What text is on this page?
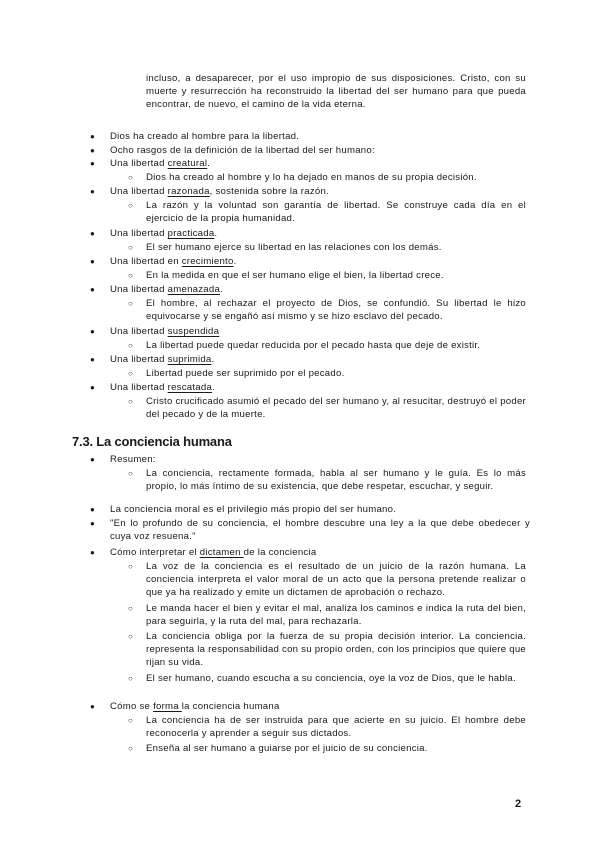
incluso, a desaparecer, por el uso impropio de sus disposiciones. Cristo, con su muerte y resurrección ha reconstruido la libertad del ser humano para que pueda encontrar, de nuevo, el camino de la vida eterna.
● Dios ha creado al hombre para la libertad.
● Ocho rasgos de la definición de la libertad del ser humano:
● Una libertad creatural.
○ Dios ha creado al hombre y lo ha dejado en manos de su propia decisión.
● Una libertad razonada, sostenida sobre la razón.
○ La razón y la voluntad son garantía de libertad. Se construye cada día en el ejercicio de la propia humanidad.
● Una libertad practicada.
○ El ser humano ejerce su libertad en las relaciones con los demás.
● Una libertad en crecimiento.
○ En la medida en que el ser humano elige el bien, la libertad crece.
● Una libertad amenazada.
○ El hombre, al rechazar el proyecto de Dios, se confundió. Su libertad le hizo equivocarse y se engañó así mismo y se hizo esclavo del pecado.
● Una libertad suspendida
○ La libertad puede quedar reducida por el pecado hasta que deje de existir.
● Una libertad suprimida.
○ Libertad puede ser suprimido por el pecado.
● Una libertad rescatada.
○ Cristo crucificado asumió el pecado del ser humano y, al resucitar, destruyó el poder del pecado y de la muerte.
7.3. La conciencia humana
● Resumen:
○ La conciencia, rectamente formada, habla al ser humano y le guía. Es lo más propio, lo más íntimo de su existencia, que debe respetar, escuchar, y seguir.
● La conciencia moral es el privilegio más propio del ser humano.
● "En lo profundo de su conciencia, el hombre descubre una ley a la que debe obedecer y cuya voz resuena."
● Cómo interpretar el dictamen de la conciencia
○ La voz de la conciencia es el resultado de un juicio de la razón humana. La conciencia interpreta el valor moral de un acto que la persona pretende realizar o que ya ha realizado y emite un dictamen de aprobación o rechazo.
○ Le manda hacer el bien y evitar el mal, analiza los caminos e indica la ruta del bien, para seguirla, y la ruta del mal, para rechazarla.
○ La conciencia obliga por la fuerza de su propia decisión interior. La conciencia. representa la responsabilidad con su propio orden, con los principios que quiere que rijan su vida.
○ El ser humano, cuando escucha a su conciencia, oye la voz de Dios, que le habla.
● Cómo se forma la conciencia humana
○ La conciencia ha de ser instruida para que acierte en su juicio. El hombre debe reconocerla y aprender a seguir sus dictados.
○ Enseña al ser humano a guiarse por el juicio de su conciencia.
2
